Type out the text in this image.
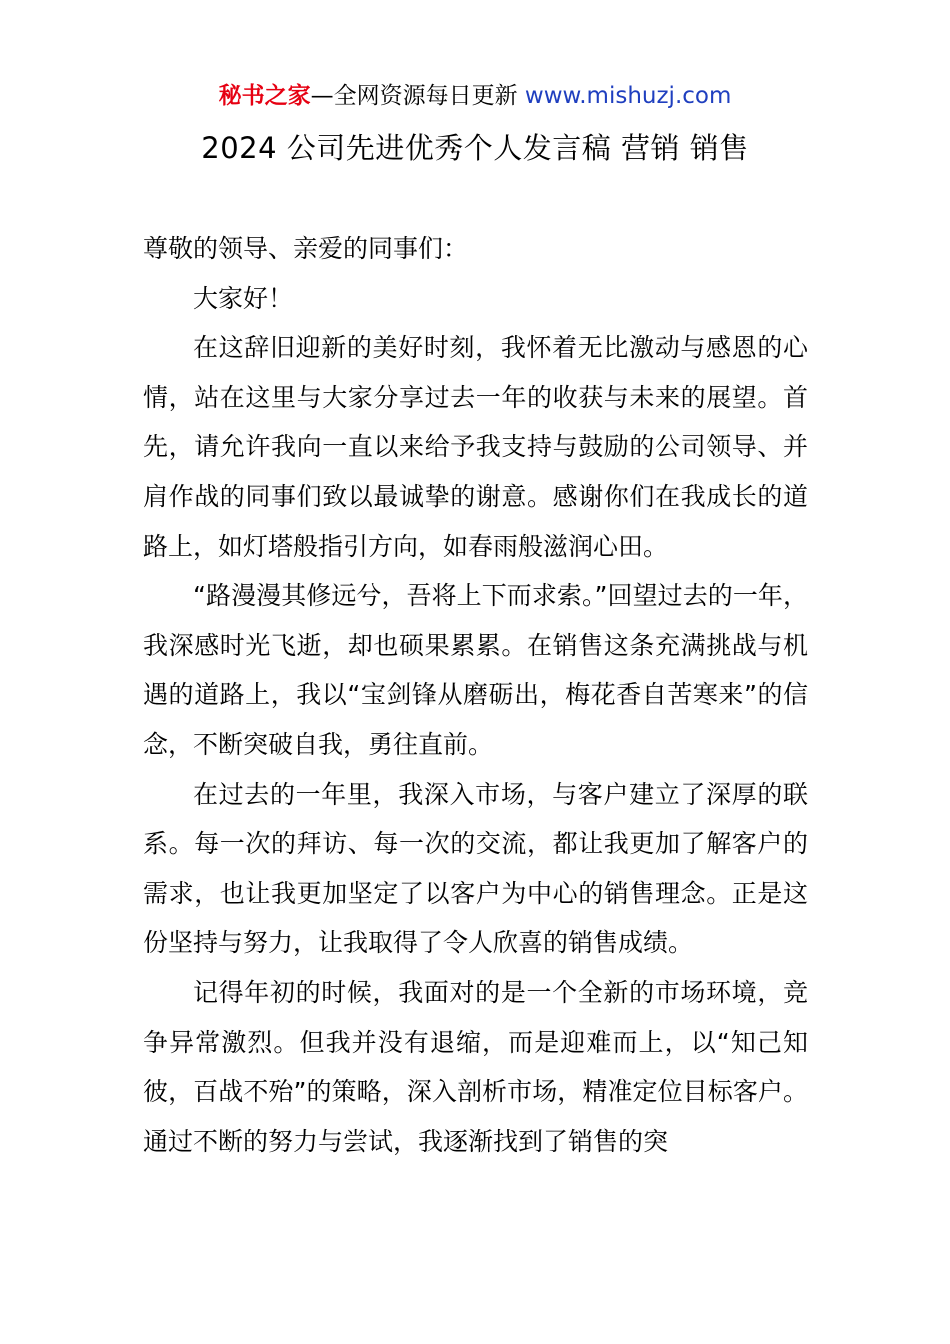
秘书之家—全网资源每日更新 www.mishuzj.com
2024 公司先进优秀个人发言稿 营销 销售

尊敬的领导、亲爱的同事们：

大家好！

在这辞旧迎新的美好时刻，我怀着无比激动与感恩的心情，站在这里与大家分享过去一年的收获与未来的展望。首先，请允许我向一直以来给予我支持与鼓励的公司领导、并肩作战的同事们致以最诚挚的谢意。感谢你们在我成长的道路上，如灯塔般指引方向，如春雨般滋润心田。

“路漫漫其修远兮，吾将上下而求索。”回望过去的一年，我深感时光飞逝，却也硕果累累。在销售这条充满挑战与机遇的道路上，我以“宝剑锋从磨砺出，梅花香自苦寒来”的信念，不断突破自我，勇往直前。

在过去的一年里，我深入市场，与客户建立了深厚的联系。每一次的拜访、每一次的交流，都让我更加了解客户的需求，也让我更加坚定了以客户为中心的销售理念。正是这份坚持与努力，让我取得了令人欣喜的销售成绩。

记得年初的时候，我面对的是一个全新的市场环境，竞争异常激烈。但我并没有退缩，而是迎难而上，以“知己知彼，百战不殆”的策略，深入剖析市场，精准定位目标客户。通过不断的努力与尝试，我逐渐找到了销售的突
